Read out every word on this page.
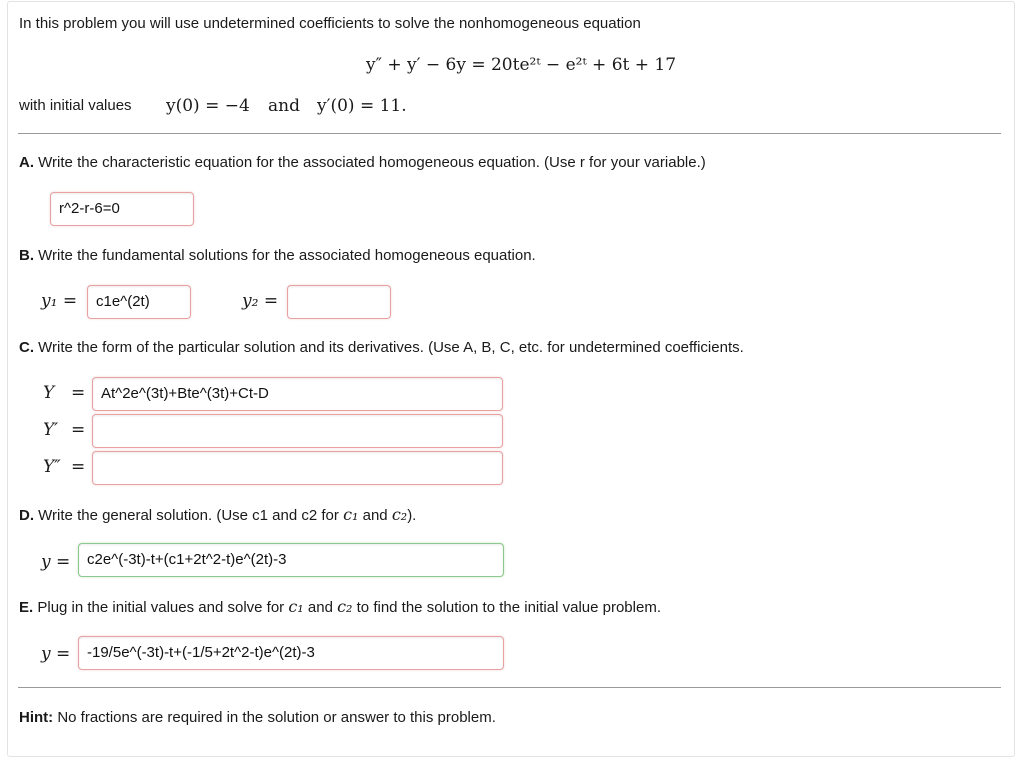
In this problem you will use undetermined coefficients to solve the nonhomogeneous equation
y″ + y′ − 6y = 20te²ᵗ − e²ᵗ + 6t + 17
with initial values y(0) = −4 and y′(0) = 11.
A. Write the characteristic equation for the associated homogeneous equation. (Use r for your variable.)
r^2-r-6=0
B. Write the fundamental solutions for the associated homogeneous equation.
y₁ =	c1e^(2t)	y₂ =
C. Write the form of the particular solution and its derivatives. (Use A, B, C, etc. for undetermined coefficients.
Y =	At^2e^(3t)+Bte^(3t)+Ct-D
Y′ =
Y″ =
D. Write the general solution. (Use c1 and c2 for c₁ and c₂).
y =	c2e^(-3t)-t+(c1+2t^2-t)e^(2t)-3
E. Plug in the initial values and solve for c₁ and c₂ to find the solution to the initial value problem.
y =	-19/5e^(-3t)-t+(-1/5+2t^2-t)e^(2t)-3
Hint: No fractions are required in the solution or answer to this problem.
